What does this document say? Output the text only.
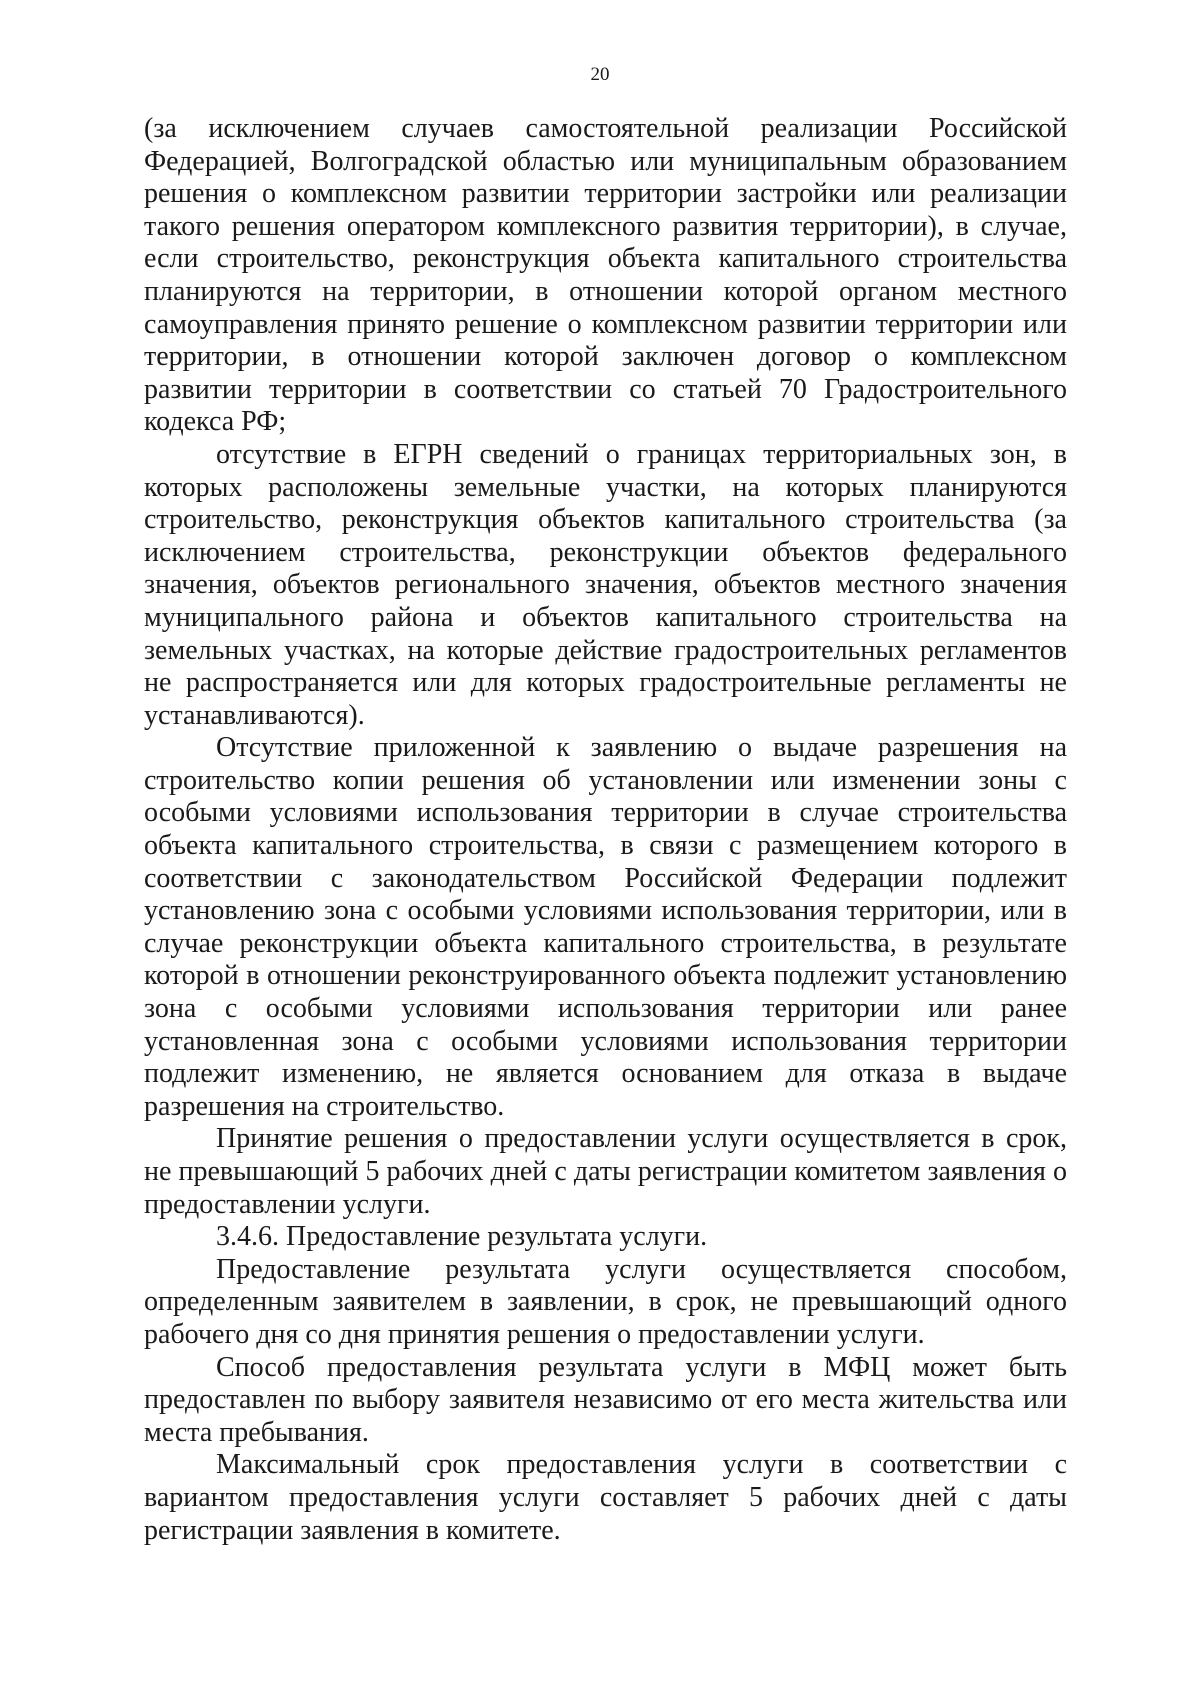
20

(за исключением случаев самостоятельной реализации Российской Федерацией, Волгоградской областью или муниципальным образованием решения о комплексном развитии территории застройки или реализации такого решения оператором комплексного развития территории), в случае, если строительство, реконструкция объекта капитального строительства планируются на территории, в отношении которой органом местного самоуправления принято решение о комплексном развитии территории или территории, в отношении которой заключен договор о комплексном развитии территории в соответствии со статьей 70 Градостроительного кодекса РФ;

отсутствие в ЕГРН сведений о границах территориальных зон, в которых расположены земельные участки, на которых планируются строительство, реконструкция объектов капитального строительства (за исключением строительства, реконструкции объектов федерального значения, объектов регионального значения, объектов местного значения муниципального района и объектов капитального строительства на земельных участках, на которые действие градостроительных регламентов не распространяется или для которых градостроительные регламенты не устанавливаются).

Отсутствие приложенной к заявлению о выдаче разрешения на строительство копии решения об установлении или изменении зоны с особыми условиями использования территории в случае строительства объекта капитального строительства, в связи с размещением которого в соответствии с законодательством Российской Федерации подлежит установлению зона с особыми условиями использования территории, или в случае реконструкции объекта капитального строительства, в результате которой в отношении реконструированного объекта подлежит установлению зона с особыми условиями использования территории или ранее установленная зона с особыми условиями использования территории подлежит изменению, не является основанием для отказа в выдаче разрешения на строительство.

Принятие решения о предоставлении услуги осуществляется в срок, не превышающий 5 рабочих дней с даты регистрации комитетом заявления о предоставлении услуги.

3.4.6. Предоставление результата услуги.

Предоставление результата услуги осуществляется способом, определенным заявителем в заявлении, в срок, не превышающий одного рабочего дня со дня принятия решения о предоставлении услуги.

Способ предоставления результата услуги в МФЦ может быть предоставлен по выбору заявителя независимо от его места жительства или места пребывания.

Максимальный срок предоставления услуги в соответствии с вариантом предоставления услуги составляет 5 рабочих дней с даты регистрации заявления в комитете.
